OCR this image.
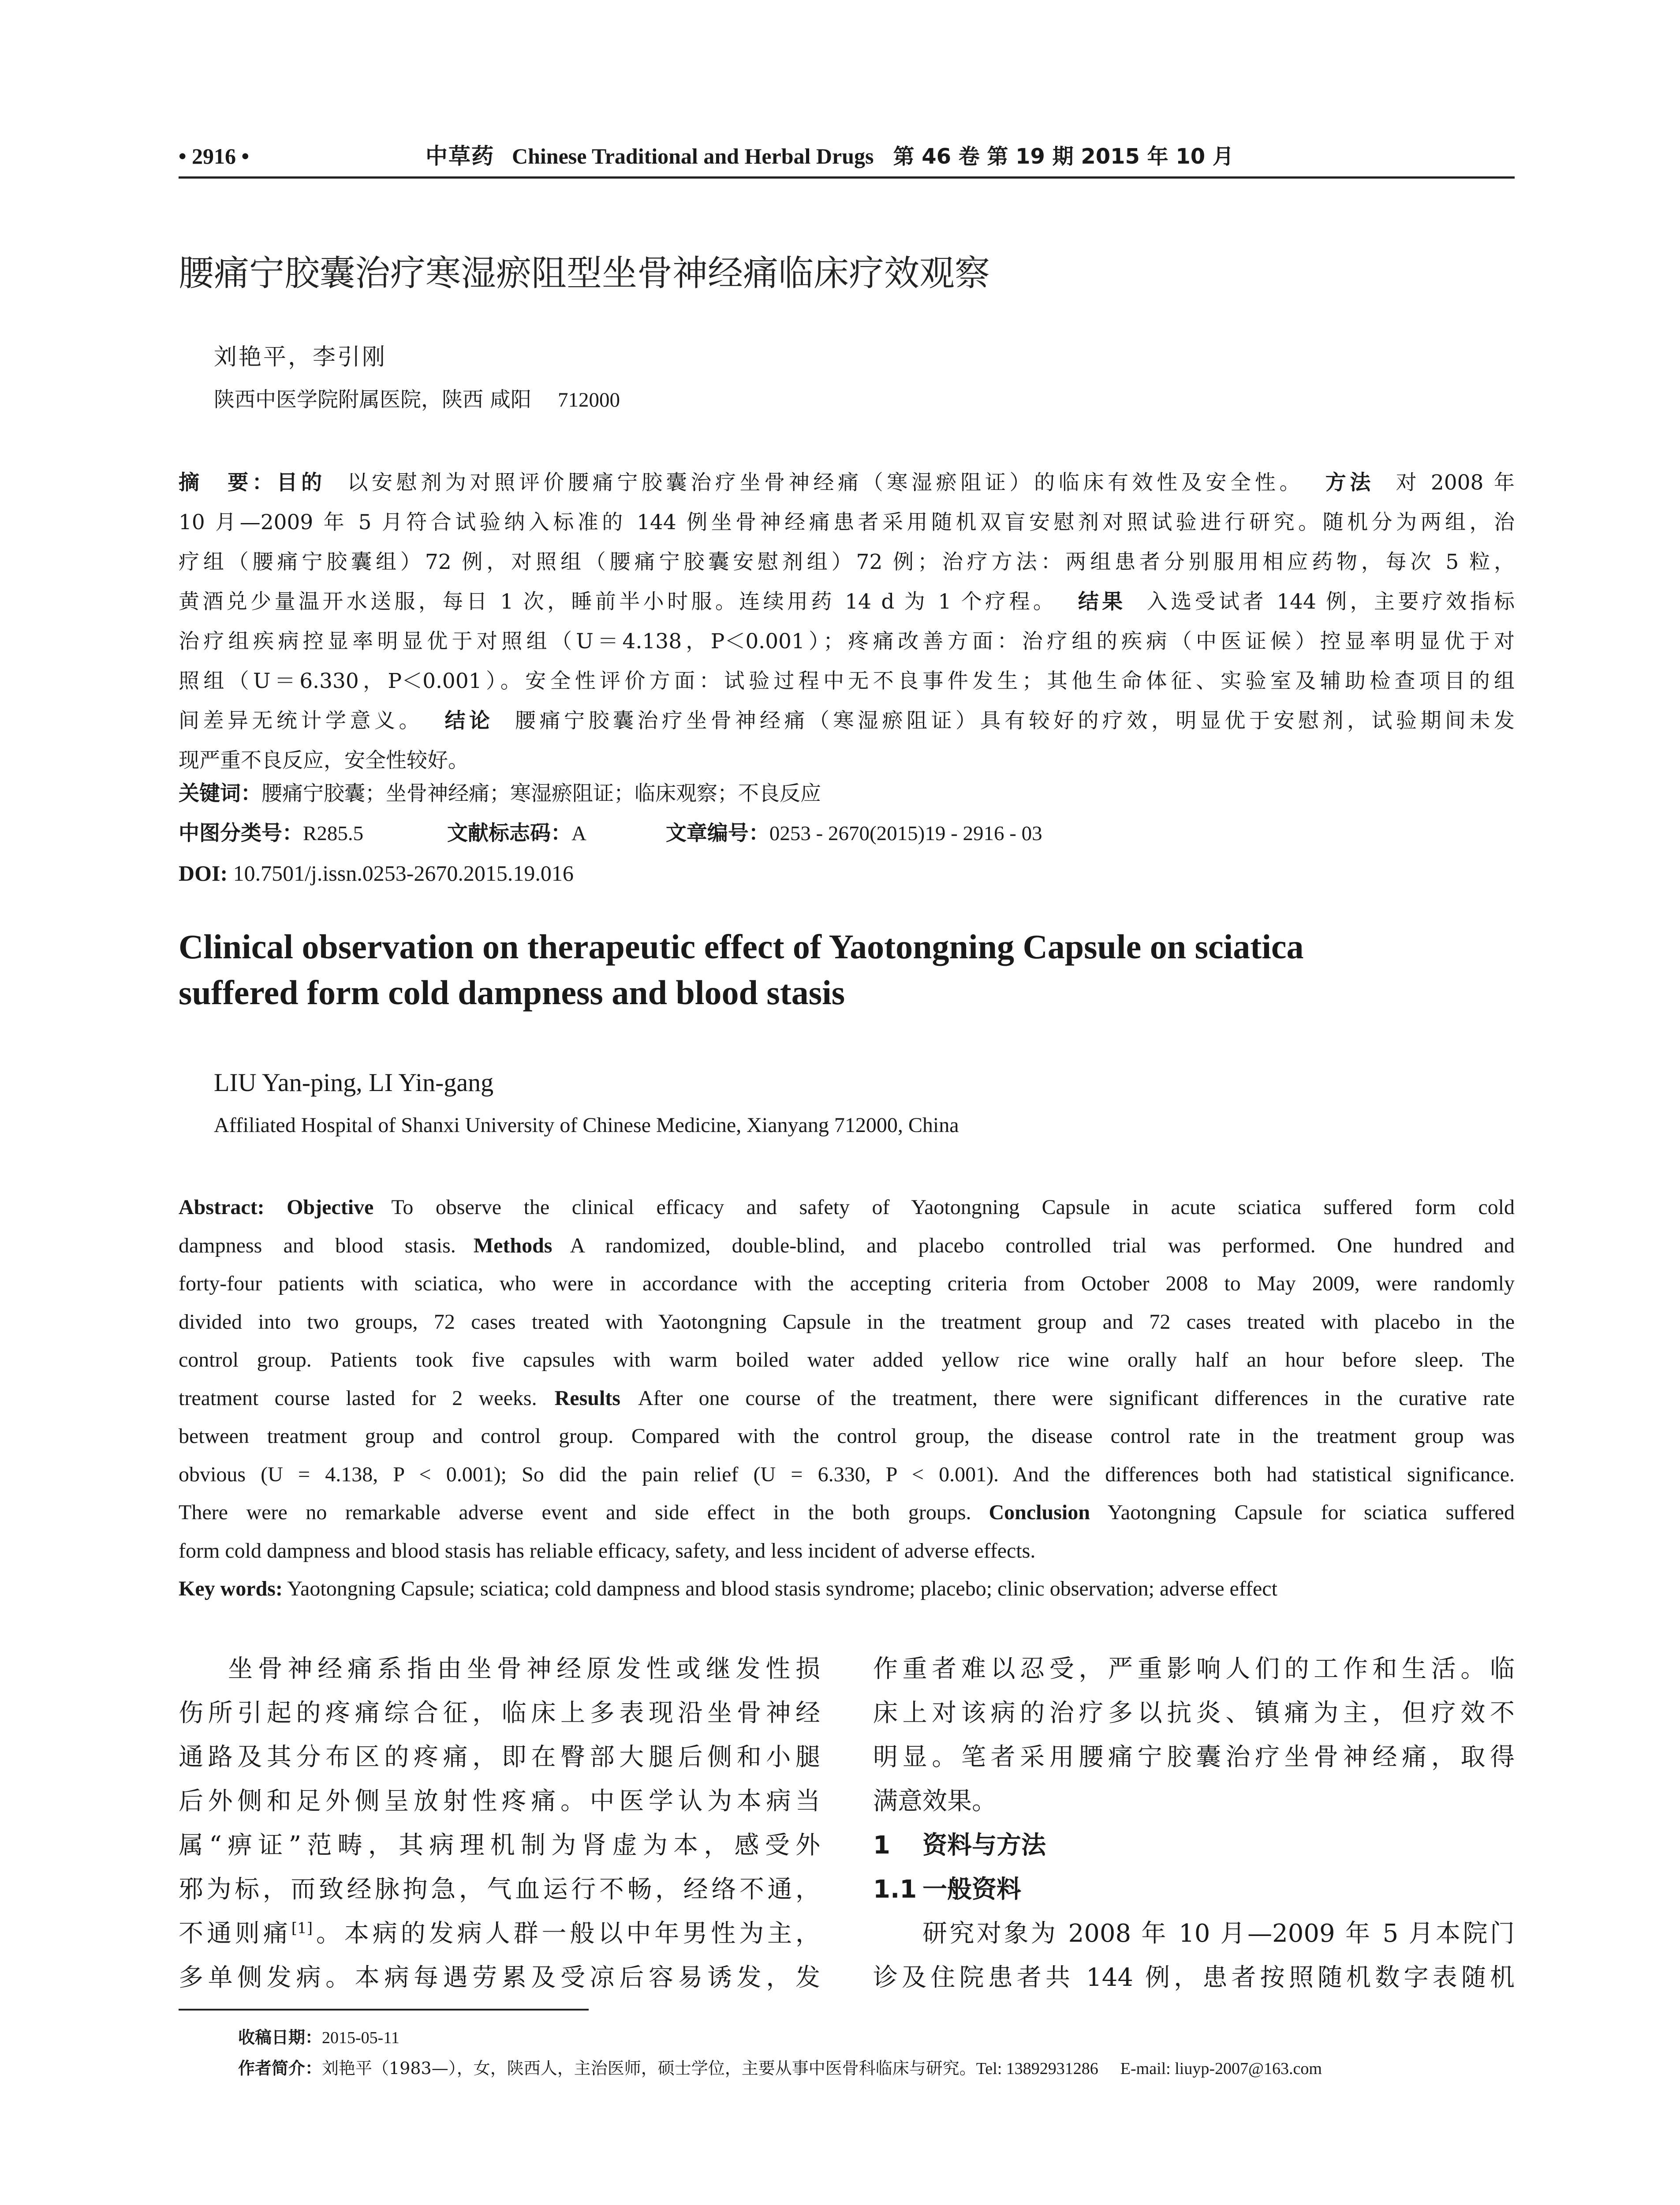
• 2916 •	中草药 Chinese Traditional and Herbal Drugs 第 46 卷 第 19 期 2015 年 10 月
腰痛宁胶囊治疗寒湿瘀阻型坐骨神经痛临床疗效观察
刘艳平，李引刚
陕西中医学院附属医院，陕西 咸阳 712000
摘　要：目的 以安慰剂为对照评价腰痛宁胶囊治疗坐骨神经痛（寒湿瘀阻证）的临床有效性及安全性。 方法 对 2008 年
10 月—2009 年 5 月符合试验纳入标准的 144 例坐骨神经痛患者采用随机双盲安慰剂对照试验进行研究。随机分为两组，治
疗组（腰痛宁胶囊组）72 例，对照组（腰痛宁胶囊安慰剂组）72 例；治疗方法：两组患者分别服用相应药物，每次 5 粒，
黄酒兑少量温开水送服，每日 1 次，睡前半小时服。连续用药 14 d 为 1 个疗程。 结果 入选受试者 144 例，主要疗效指标
治疗组疾病控显率明显优于对照组（U＝4.138，P＜0.001）；疼痛改善方面：治疗组的疾病（中医证候）控显率明显优于对
照组（U＝6.330，P＜0.001）。安全性评价方面：试验过程中无不良事件发生；其他生命体征、实验室及辅助检查项目的组
间差异无统计学意义。 结论 腰痛宁胶囊治疗坐骨神经痛（寒湿瘀阻证）具有较好的疗效，明显优于安慰剂，试验期间未发
现严重不良反应，安全性较好。
关键词：腰痛宁胶囊；坐骨神经痛；寒湿瘀阻证；临床观察；不良反应
中图分类号：R285.5	文献标志码：A	文章编号：0253 - 2670(2015)19 - 2916 - 03
DOI: 10.7501/j.issn.0253-2670.2015.19.016
Clinical observation on therapeutic effect of Yaotongning Capsule on sciatica
suffered form cold dampness and blood stasis
LIU Yan-ping, LI Yin-gang
Affiliated Hospital of Shanxi University of Chinese Medicine, Xianyang 712000, China
Abstract: Objective To observe the clinical efficacy and safety of Yaotongning Capsule in acute sciatica suffered form cold
dampness and blood stasis. Methods A randomized, double-blind, and placebo controlled trial was performed. One hundred and
forty-four patients with sciatica, who were in accordance with the accepting criteria from October 2008 to May 2009, were randomly
divided into two groups, 72 cases treated with Yaotongning Capsule in the treatment group and 72 cases treated with placebo in the
control group. Patients took five capsules with warm boiled water added yellow rice wine orally half an hour before sleep. The
treatment course lasted for 2 weeks. Results After one course of the treatment, there were significant differences in the curative rate
between treatment group and control group. Compared with the control group, the disease control rate in the treatment group was
obvious (U = 4.138, P < 0.001); So did the pain relief (U = 6.330, P < 0.001). And the differences both had statistical significance.
There were no remarkable adverse event and side effect in the both groups. Conclusion Yaotongning Capsule for sciatica suffered
form cold dampness and blood stasis has reliable efficacy, safety, and less incident of adverse effects.
Key words: Yaotongning Capsule; sciatica; cold dampness and blood stasis syndrome; placebo; clinic observation; adverse effect
坐骨神经痛系指由坐骨神经原发性或继发性损
伤所引起的疼痛综合征，临床上多表现沿坐骨神经
通路及其分布区的疼痛，即在臀部大腿后侧和小腿
后外侧和足外侧呈放射性疼痛。中医学认为本病当
属“痹证”范畴，其病理机制为肾虚为本，感受外
邪为标，而致经脉拘急，气血运行不畅，经络不通，
不通则痛[1]。本病的发病人群一般以中年男性为主，
多单侧发病。本病每遇劳累及受凉后容易诱发，发
作重者难以忍受，严重影响人们的工作和生活。临
床上对该病的治疗多以抗炎、镇痛为主，但疗效不
明显。笔者采用腰痛宁胶囊治疗坐骨神经痛，取得
满意效果。
1 资料与方法
1.1 一般资料
研究对象为 2008 年 10 月—2009 年 5 月本院门
诊及住院患者共 144 例，患者按照随机数字表随机
收稿日期：2015-05-11
作者简介：刘艳平（1983—），女，陕西人，主治医师，硕士学位，主要从事中医骨科临床与研究。Tel: 13892931286 E-mail: liuyp-2007@163.com
